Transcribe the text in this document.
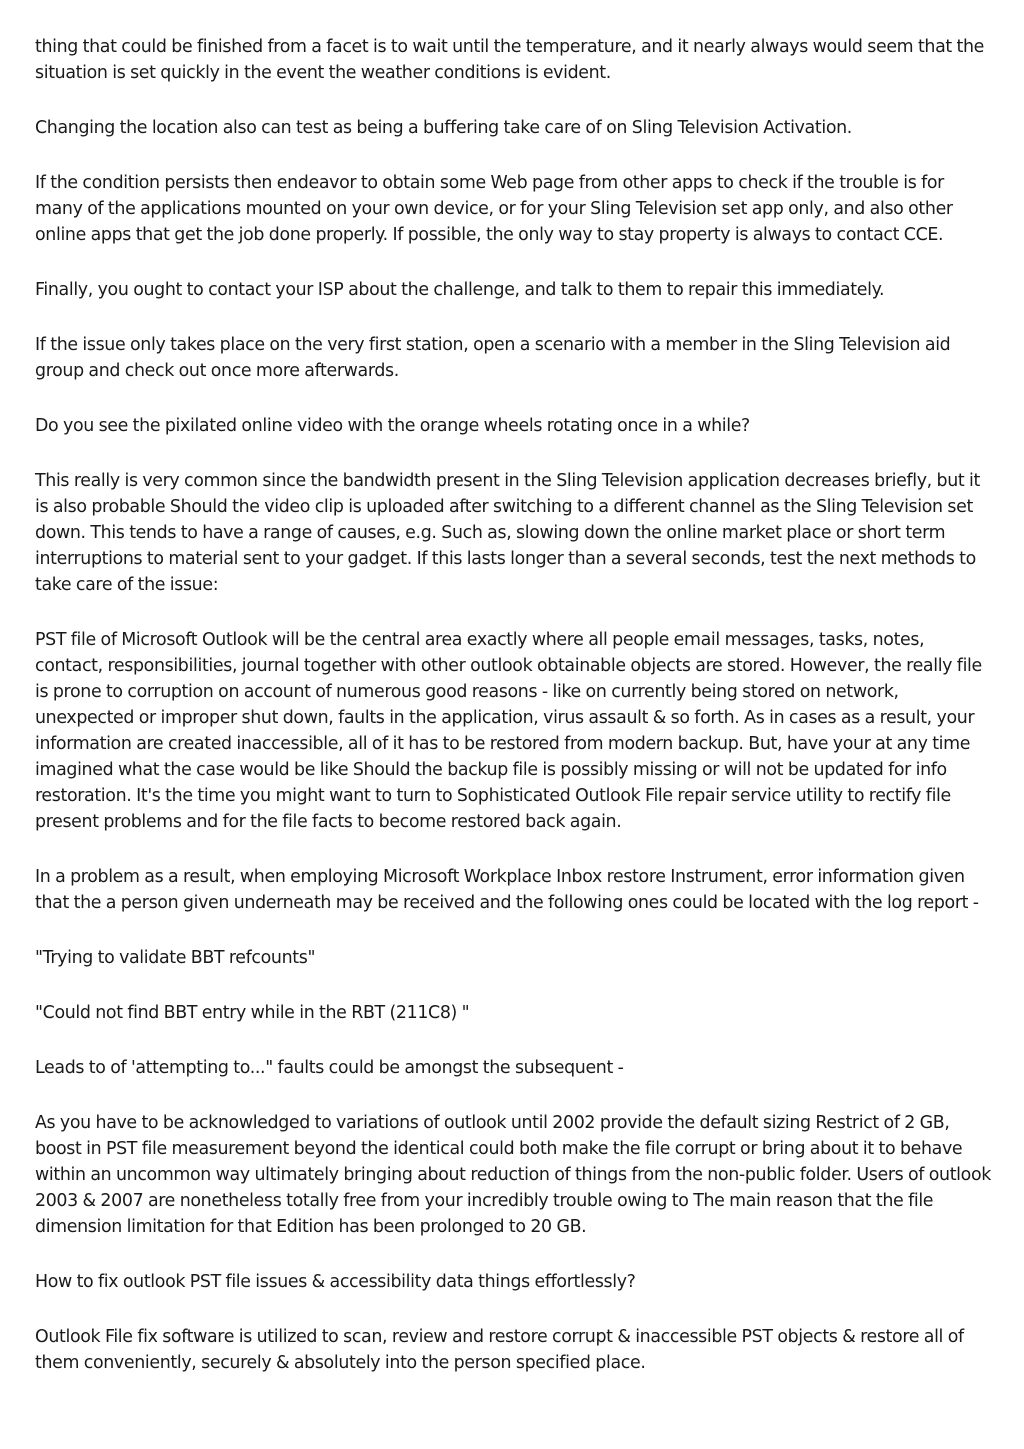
thing that could be finished from a facet is to wait until the temperature, and it nearly always would seem that the situation is set quickly in the event the weather conditions is evident.

Changing the location also can test as being a buffering take care of on Sling Television Activation.

If the condition persists then endeavor to obtain some Web page from other apps to check if the trouble is for many of the applications mounted on your own device, or for your Sling Television set app only, and also other online apps that get the job done properly. If possible, the only way to stay property is always to contact CCE.

Finally, you ought to contact your ISP about the challenge, and talk to them to repair this immediately.

If the issue only takes place on the very first station, open a scenario with a member in the Sling Television aid group and check out once more afterwards.

Do you see the pixilated online video with the orange wheels rotating once in a while?

This really is very common since the bandwidth present in the Sling Television application decreases briefly, but it is also probable Should the video clip is uploaded after switching to a different channel as the Sling Television set down. This tends to have a range of causes, e.g. Such as, slowing down the online market place or short term interruptions to material sent to your gadget. If this lasts longer than a several seconds, test the next methods to take care of the issue:

PST file of Microsoft Outlook will be the central area exactly where all people email messages, tasks, notes, contact, responsibilities, journal together with other outlook obtainable objects are stored. However, the really file is prone to corruption on account of numerous good reasons - like on currently being stored on network, unexpected or improper shut down, faults in the application, virus assault & so forth. As in cases as a result, your information are created inaccessible, all of it has to be restored from modern backup. But, have your at any time imagined what the case would be like Should the backup file is possibly missing or will not be updated for info restoration. It's the time you might want to turn to Sophisticated Outlook File repair service utility to rectify file present problems and for the file facts to become restored back again.

In a problem as a result, when employing Microsoft Workplace Inbox restore Instrument, error information given that the a person given underneath may be received and the following ones could be located with the log report -

"Trying to validate BBT refcounts"

"Could not find BBT entry while in the RBT (211C8) "

Leads to of 'attempting to..." faults could be amongst the subsequent -

As you have to be acknowledged to variations of outlook until 2002 provide the default sizing Restrict of 2 GB, boost in PST file measurement beyond the identical could both make the file corrupt or bring about it to behave within an uncommon way ultimately bringing about reduction of things from the non-public folder. Users of outlook 2003 & 2007 are nonetheless totally free from your incredibly trouble owing to The main reason that the file dimension limitation for that Edition has been prolonged to 20 GB.

How to fix outlook PST file issues & accessibility data things effortlessly?

Outlook File fix software is utilized to scan, review and restore corrupt & inaccessible PST objects & restore all of them conveniently, securely & absolutely into the person specified place.
